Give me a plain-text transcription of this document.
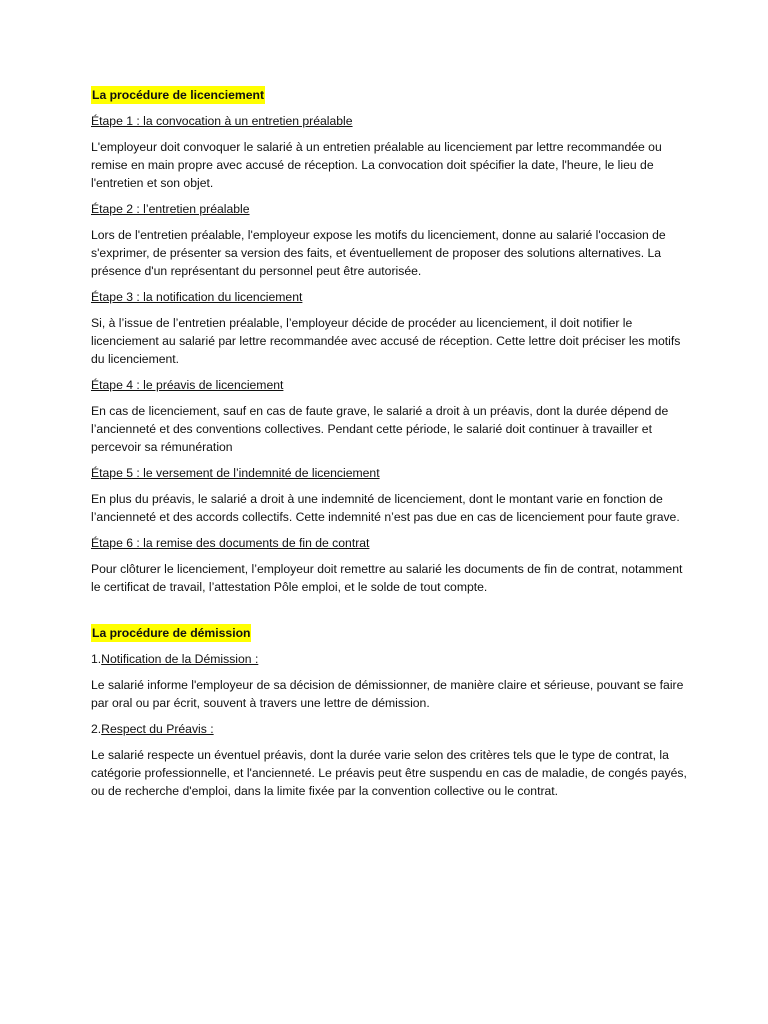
La procédure de licenciement

Étape 1 : la convocation à un entretien préalable

L'employeur doit convoquer le salarié à un entretien préalable au licenciement par lettre recommandée ou remise en main propre avec accusé de réception. La convocation doit spécifier la date, l'heure, le lieu de l'entretien et son objet.

Étape 2 : l’entretien préalable

Lors de l'entretien préalable, l'employeur expose les motifs du licenciement, donne au salarié l'occasion de s'exprimer, de présenter sa version des faits, et éventuellement de proposer des solutions alternatives. La présence d'un représentant du personnel peut être autorisée.

Étape 3 : la notification du licenciement

Si, à l’issue de l’entretien préalable, l’employeur décide de procéder au licenciement, il doit notifier le licenciement au salarié par lettre recommandée avec accusé de réception. Cette lettre doit préciser les motifs du licenciement.

Étape 4 : le préavis de licenciement

En cas de licenciement, sauf en cas de faute grave, le salarié a droit à un préavis, dont la durée dépend de l’ancienneté et des conventions collectives. Pendant cette période, le salarié doit continuer à travailler et percevoir sa rémunération

Étape 5 : le versement de l’indemnité de licenciement

En plus du préavis, le salarié a droit à une indemnité de licenciement, dont le montant varie en fonction de l’ancienneté et des accords collectifs. Cette indemnité n’est pas due en cas de licenciement pour faute grave.

Étape 6 : la remise des documents de fin de contrat

Pour clôturer le licenciement, l’employeur doit remettre au salarié les documents de fin de contrat, notamment le certificat de travail, l’attestation Pôle emploi, et le solde de tout compte.

La procédure de démission

1.Notification de la Démission :

Le salarié informe l'employeur de sa décision de démissionner, de manière claire et sérieuse, pouvant se faire par oral ou par écrit, souvent à travers une lettre de démission.

2.Respect du Préavis :

Le salarié respecte un éventuel préavis, dont la durée varie selon des critères tels que le type de contrat, la catégorie professionnelle, et l'ancienneté. Le préavis peut être suspendu en cas de maladie, de congés payés, ou de recherche d'emploi, dans la limite fixée par la convention collective ou le contrat.
